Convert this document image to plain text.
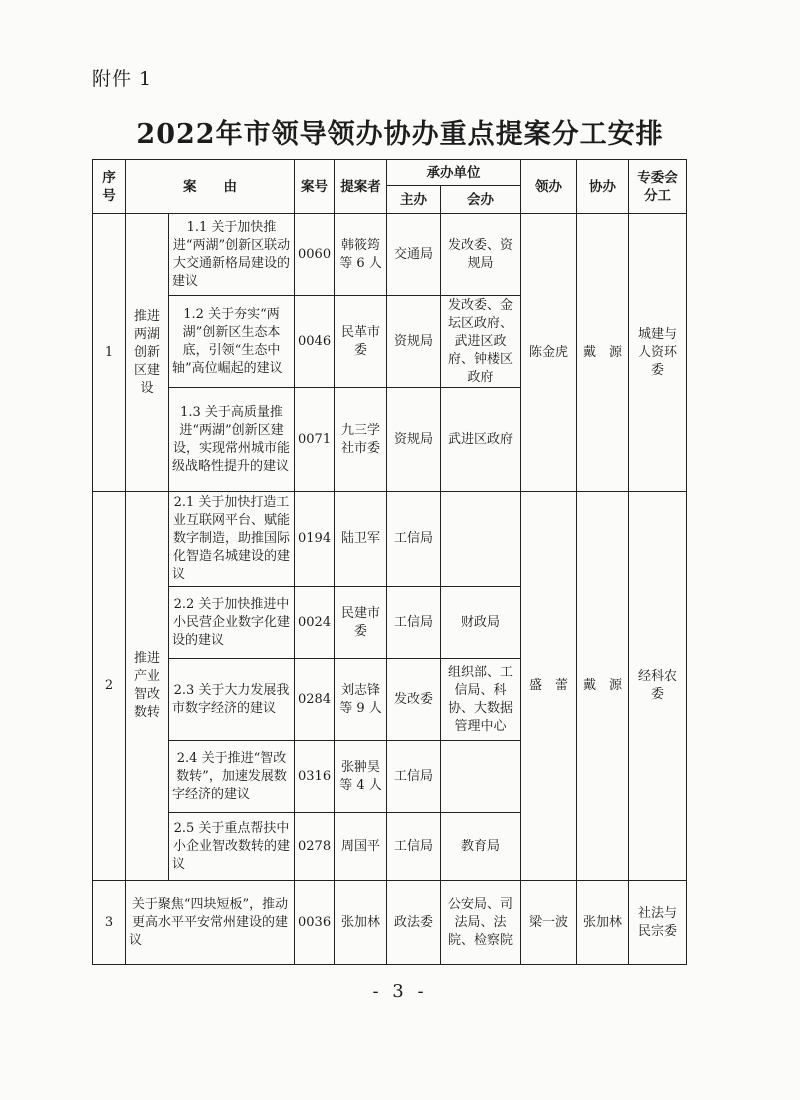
附件 1
2022年市领导领办协办重点提案分工安排
序号	案　　由		案号	提案者	承办单位		领办	协办	专委会分工
					主办	会办			
1	推进两湖创新区建设	1.1 关于加快推进“两湖”创新区联动大交通新格局建设的建议	0060	韩筱筠等 6 人	交通局	发改委、资规局	陈金虎	戴　源	城建与人资环委
		1.2 关于夯实“两湖”创新区生态本底，引领“生态中轴”高位崛起的建议	0046	民革市委	资规局	发改委、金坛区政府、武进区政府、钟楼区政府			
		1.3 关于高质量推进“两湖”创新区建设，实现常州城市能级战略性提升的建议	0071	九三学社市委	资规局	武进区政府			
2	推进产业智改数转	2.1 关于加快打造工业互联网平台、赋能数字制造，助推国际化智造名城建设的建议	0194	陆卫军	工信局		盛　蕾	戴　源	经科农委
		2.2 关于加快推进中小民营企业数字化建设的建议	0024	民建市委	工信局	财政局			
		2.3 关于大力发展我市数字经济的建议	0284	刘志锋等 9 人	发改委	组织部、工信局、科协、大数据管理中心			
		2.4 关于推进“智改数转”，加速发展数字经济的建议	0316	张翀昊等 4 人	工信局				
		2.5 关于重点帮扶中小企业智改数转的建议	0278	周国平	工信局	教育局			
3	关于聚焦“四块短板”，推动更高水平平安常州建设的建议		0036	张加林	政法委	公安局、司法局、法院、检察院	梁一波	张加林	社法与民宗委
- 3 -
